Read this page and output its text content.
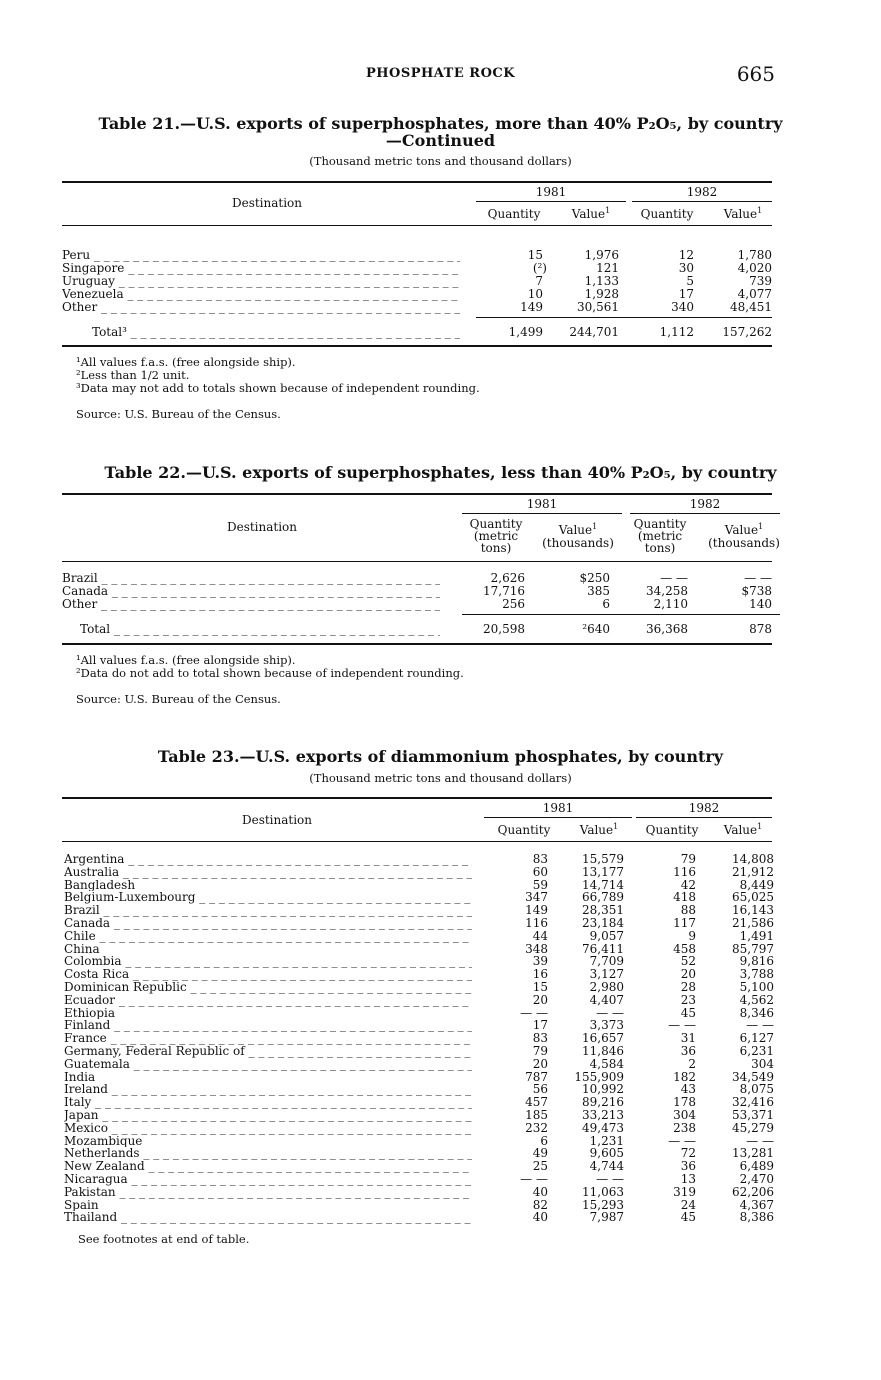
PHOSPHATE ROCK	665
Table 21.—U.S. exports of superphosphates, more than 40% P₂O₅, by country
—Continued
(Thousand metric tons and thousand dollars)
Destination
1981	1982
Quantity	Value$^1$	Quantity	Value$^1$
Peru _ _ _	15	1,976	12	1,780
Singapore _ _ _	(²)	121	30	4,020
Uruguay _ _ _	7	1,133	5	739
Venezuela _ _ _	10	1,928	17	4,077
Other _ _ _	149	30,561	340	48,451
Total³ _ _ _	1,499 244,701	1,112 157,262
¹All values f.a.s. (free alongside ship).
²Less than 1/2 unit.
³Data may not add to totals shown because of independent rounding.
Source: U.S. Bureau of the Census.
Table 22.—U.S. exports of superphosphates, less than 40% P₂O₅, by country
Destination
1981	1982
Quantity
(metric
tons)
Value$^1$
(thousands)
Quantity
(metric
tons)
Value$^1$
(thousands)
Brazil _ _ _	2,626	$250	— —	— —
Canada _ _ _	17,716	385	34,258	$738
Other _ _ _	256	6	2,110	140
Total _ _ _	20,598	²640	36,368	878
¹All values f.a.s. (free alongside ship).
²Data do not add to total shown because of independent rounding.
Source: U.S. Bureau of the Census.
Table 23.—U.S. exports of diammonium phosphates, by country
(Thousand metric tons and thousand dollars)
Destination
1981	1982
Quantity	Value$^1$	Quantity	Value$^1$
Argentina _ _ _	83	15,579	79	14,808
Australia _ _ _	60	13,177	116	21,912
Bangladesh _ _ _	59	14,714	42	8,449
Belgium-Luxembourg _ _ _	347	66,789	418	65,025
Brazil _ _ _	149	28,351	88	16,143
Canada _ _ _	116	23,184	117	21,586
Chile _ _ _	44	9,057	9	1,491
China _ _ _	348	76,411	458	85,797
Colombia _ _ _	39	7,709	52	9,816
Costa Rica _ _ _	16	3,127	20	3,788
Dominican Republic _ _ _	15	2,980	28	5,100
Ecuador _ _ _	20	4,407	23	4,562
Ethiopia _ _ _	— —	— —	45	8,346
Finland _ _ _	17	3,373	— —	— —
France _ _ _	83	16,657	31	6,127
Germany, Federal Republic of _ _ _	79	11,846	36	6,231
Guatemala _ _ _	20	4,584	2	304
India _ _ _	787 155,909	182	34,549
Ireland _ _ _	56	10,992	43	8,075
Italy _ _ _	457	89,216	178	32,416
Japan _ _ _	185	33,213	304	53,371
Mexico _ _ _	232	49,473	238	45,279
Mozambique _ _ _	6	1,231	— —	— —
Netherlands _ _ _	49	9,605	72	13,281
New Zealand _ _ _	25	4,744	36	6,489
Nicaragua _ _ _	— —	— —	13	2,470
Pakistan _ _ _	40	11,063	319	62,206
Spain _ _ _	82	15,293	24	4,367
Thailand _ _ _	40	7,987	45	8,386
See footnotes at end of table.
